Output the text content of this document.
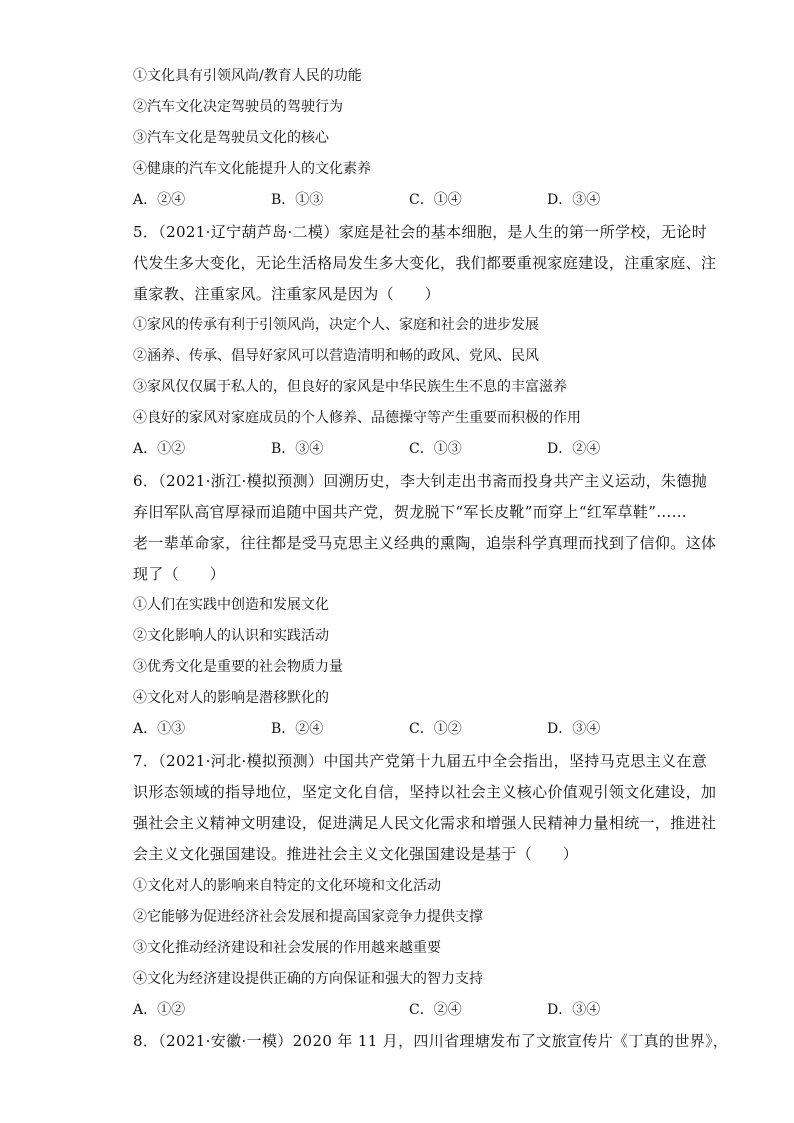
①文化具有引领风尚/教育人民的功能
②汽车文化决定驾驶员的驾驶行为
③汽车文化是驾驶员文化的核心
④健康的汽车文化能提升人的文化素养
A．②④	B．①③	C．①④	D．③④
5．（2021·辽宁葫芦岛·二模）家庭是社会的基本细胞，是人生的第一所学校，无论时
代发生多大变化，无论生活格局发生多大变化，我们都要重视家庭建设，注重家庭、注
重家教、注重家风。注重家风是因为（　　）
①家风的传承有利于引领风尚，决定个人、家庭和社会的进步发展
②涵养、传承、倡导好家风可以营造清明和畅的政风、党风、民风
③家风仅仅属于私人的，但良好的家风是中华民族生生不息的丰富滋养
④良好的家风对家庭成员的个人修养、品德操守等产生重要而积极的作用
A．①②	B．③④	C．①③	D．②④
6．（2021·浙江·模拟预测）回溯历史，李大钊走出书斋而投身共产主义运动，朱德抛
弃旧军队高官厚禄而追随中国共产党，贺龙脱下“军长皮靴”而穿上“红军草鞋”……
老一辈革命家，往往都是受马克思主义经典的熏陶，追崇科学真理而找到了信仰。这体
现了（　　）
①人们在实践中创造和发展文化
②文化影响人的认识和实践活动
③优秀文化是重要的社会物质力量
④文化对人的影响是潜移默化的
A．①③	B．②④	C．①②	D．③④
7．（2021·河北·模拟预测）中国共产党第十九届五中全会指出，坚持马克思主义在意
识形态领域的指导地位，坚定文化自信，坚持以社会主义核心价值观引领文化建设，加
强社会主义精神文明建设，促进满足人民文化需求和增强人民精神力量相统一，推进社
会主义文化强国建设。推进社会主义文化强国建设是基于（　　）
①文化对人的影响来自特定的文化环境和文化活动
②它能够为促进经济社会发展和提高国家竞争力提供支撑
③文化推动经济建设和社会发展的作用越来越重要
④文化为经济建设提供正确的方向保证和强大的智力支持
A．①②	C．②④	D．③④
8．（2021·安徽·一模）2020 年 11 月，四川省理塘发布了文旅宣传片《丁真的世界》，
